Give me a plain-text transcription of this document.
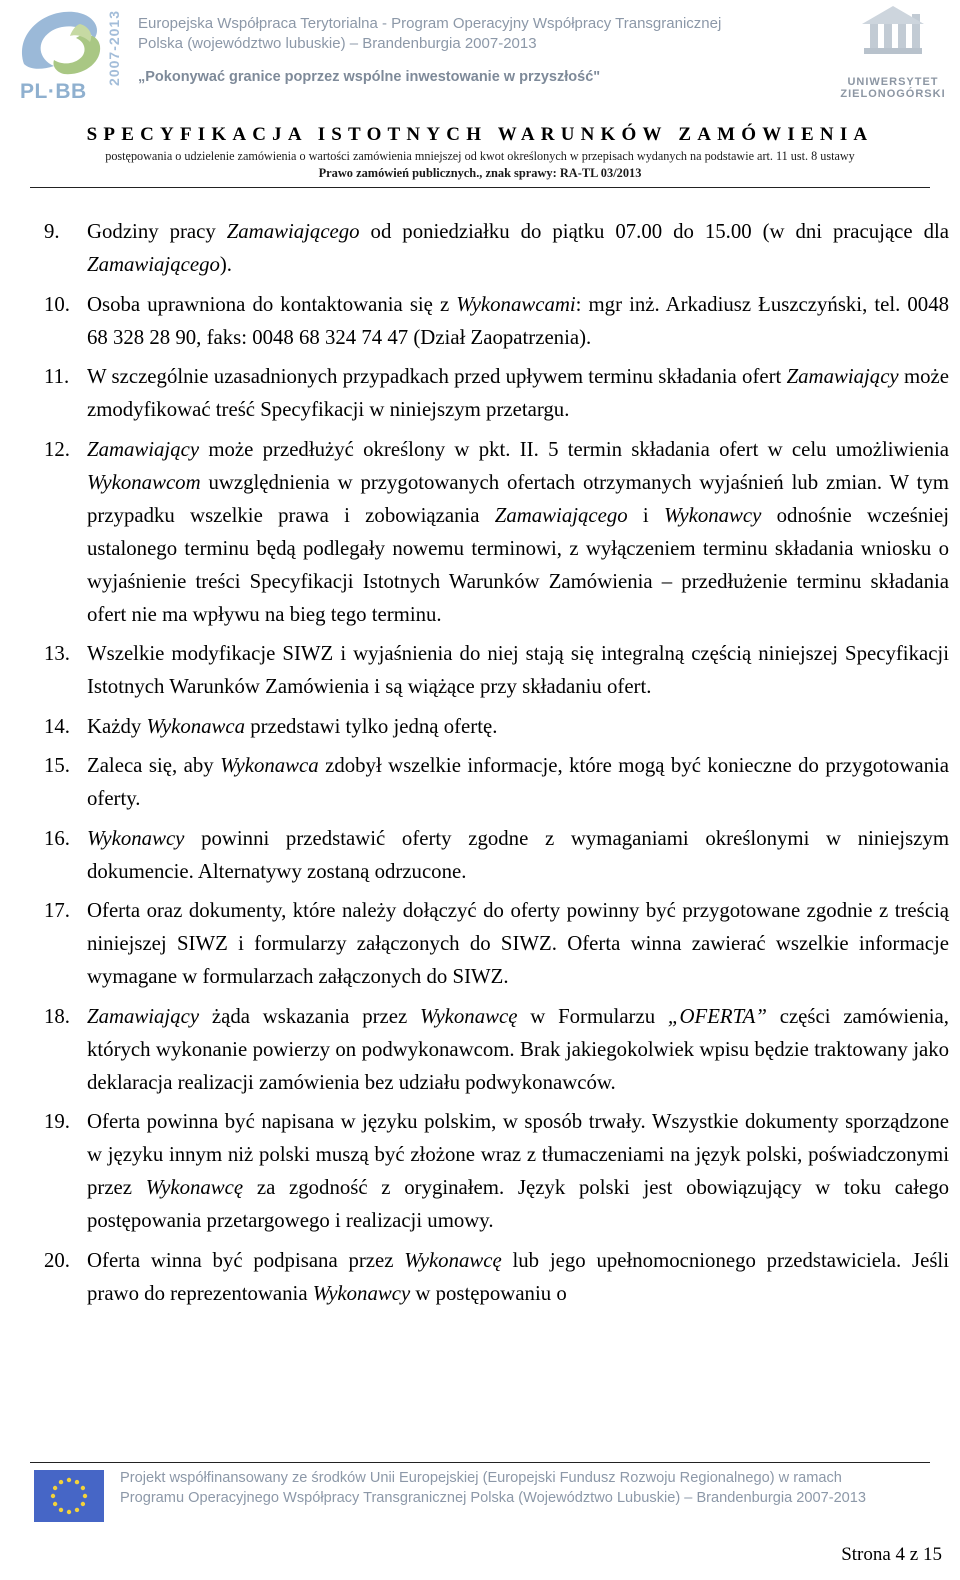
PL·BB
2007-2013 Europejska Współpraca Terytorialna - Program Operacyjny Współpracy Transgranicznej
Polska (województwo lubuskie) – Brandenburgia 2007-2013
„Pokonywać granice poprzez wspólne inwestowanie w przyszłość"	UNIWERSYTET
ZIELONOGÓRSKI
SPECYFIKACJA ISTOTNYCH WARUNKÓW ZAMÓWIENIA
postępowania o udzielenie zamówienia o wartości zamówienia mniejszej od kwot określonych w przepisach wydanych na podstawie art. 11 ust. 8 ustawy
Prawo zamówień publicznych., znak sprawy: RA-TL 03/2013
9.	Godziny pracy Zamawiającego od poniedziałku do piątku 07.00 do 15.00 (w dni pracujące dla Zamawiającego).
10. Osoba uprawniona do kontaktowania się z Wykonawcami: mgr inż. Arkadiusz Łuszczyński, tel. 0048 68 328 28 90, faks: 0048 68 324 74 47 (Dział Zaopatrzenia).
11. W szczególnie uzasadnionych przypadkach przed upływem terminu składania ofert Zamawiający może zmodyfikować treść Specyfikacji w niniejszym przetargu.
12. Zamawiający może przedłużyć określony w pkt. II. 5 termin składania ofert w celu umożliwienia Wykonawcom uwzględnienia w przygotowanych ofertach otrzymanych wyjaśnień lub zmian. W tym przypadku wszelkie prawa i zobowiązania Zamawiającego i Wykonawcy odnośnie wcześniej ustalonego terminu będą podlegały nowemu terminowi, z wyłączeniem terminu składania wniosku o wyjaśnienie treści Specyfikacji Istotnych Warunków Zamówienia – przedłużenie terminu składania ofert nie ma wpływu na bieg tego terminu.
13. Wszelkie modyfikacje SIWZ i wyjaśnienia do niej stają się integralną częścią niniejszej Specyfikacji Istotnych Warunków Zamówienia i są wiążące przy składaniu ofert.
14. Każdy Wykonawca przedstawi tylko jedną ofertę.
15. Zaleca się, aby Wykonawca zdobył wszelkie informacje, które mogą być konieczne do przygotowania oferty.
16. Wykonawcy powinni przedstawić oferty zgodne z wymaganiami określonymi w niniejszym dokumencie. Alternatywy zostaną odrzucone.
17. Oferta oraz dokumenty, które należy dołączyć do oferty powinny być przygotowane zgodnie z treścią niniejszej SIWZ i formularzy załączonych do SIWZ. Oferta winna zawierać wszelkie informacje wymagane w formularzach załączonych do SIWZ.
18. Zamawiający żąda wskazania przez Wykonawcę w Formularzu „OFERTA” części zamówienia, których wykonanie powierzy on podwykonawcom. Brak jakiegokolwiek wpisu będzie traktowany jako deklaracja realizacji zamówienia bez udziału podwykonawców.
19. Oferta powinna być napisana w języku polskim, w sposób trwały. Wszystkie dokumenty sporządzone w języku innym niż polski muszą być złożone wraz z tłumaczeniami na język polski, poświadczonymi przez Wykonawcę za zgodność z oryginałem. Język polski jest obowiązujący w toku całego postępowania przetargowego i realizacji umowy.
20. Oferta winna być podpisana przez Wykonawcę lub jego upełnomocnionego przedstawiciela. Jeśli prawo do reprezentowania Wykonawcy w postępowaniu o
Projekt współfinansowany ze środków Unii Europejskiej (Europejski Fundusz Rozwoju Regionalnego) w ramach
Programu Operacyjnego Współpracy Transgranicznej Polska (Województwo Lubuskie) – Brandenburgia 2007-2013
Strona 4 z 15
